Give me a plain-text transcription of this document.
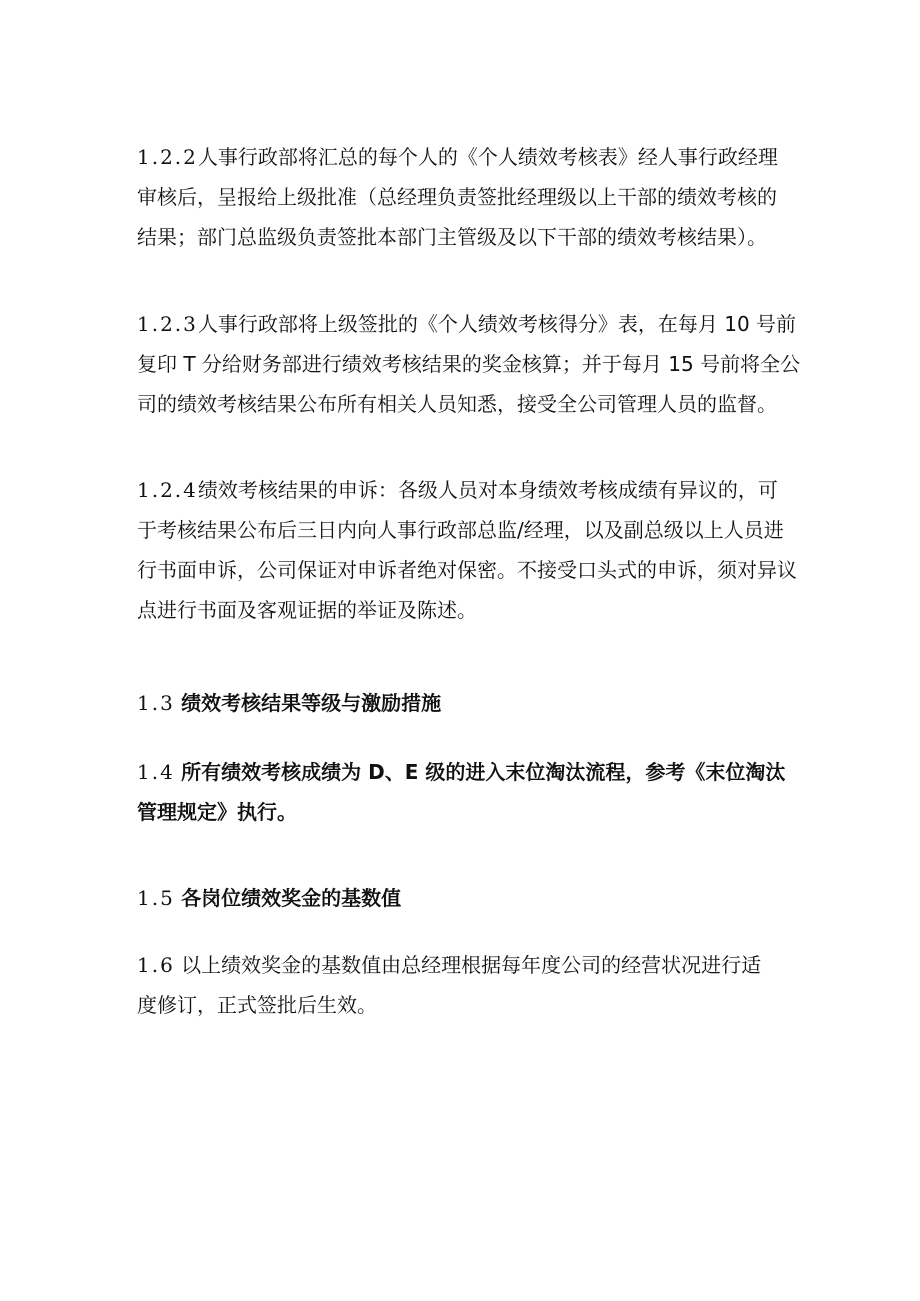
1.2.2人事行政部将汇总的每个人的《个人绩效考核表》经人事行政经理
审核后，呈报给上级批准（总经理负责签批经理级以上干部的绩效考核的
结果；部门总监级负责签批本部门主管级及以下干部的绩效考核结果）。
1.2.3人事行政部将上级签批的《个人绩效考核得分》表，在每月 10 号前
复印 T 分给财务部进行绩效考核结果的奖金核算；并于每月 15 号前将全公
司的绩效考核结果公布所有相关人员知悉，接受全公司管理人员的监督。
1.2.4绩效考核结果的申诉：各级人员对本身绩效考核成绩有异议的，可
于考核结果公布后三日内向人事行政部总监/经理，以及副总级以上人员进
行书面申诉，公司保证对申诉者绝对保密。不接受口头式的申诉，须对异议
点进行书面及客观证据的举证及陈述。
1.3 绩效考核结果等级与激励措施
1.4 所有绩效考核成绩为 D、E 级的进入末位淘汰流程，参考《末位淘汰
管理规定》执行。
1.5 各岗位绩效奖金的基数值
1.6 以上绩效奖金的基数值由总经理根据每年度公司的经营状况进行适
度修订，正式签批后生效。
